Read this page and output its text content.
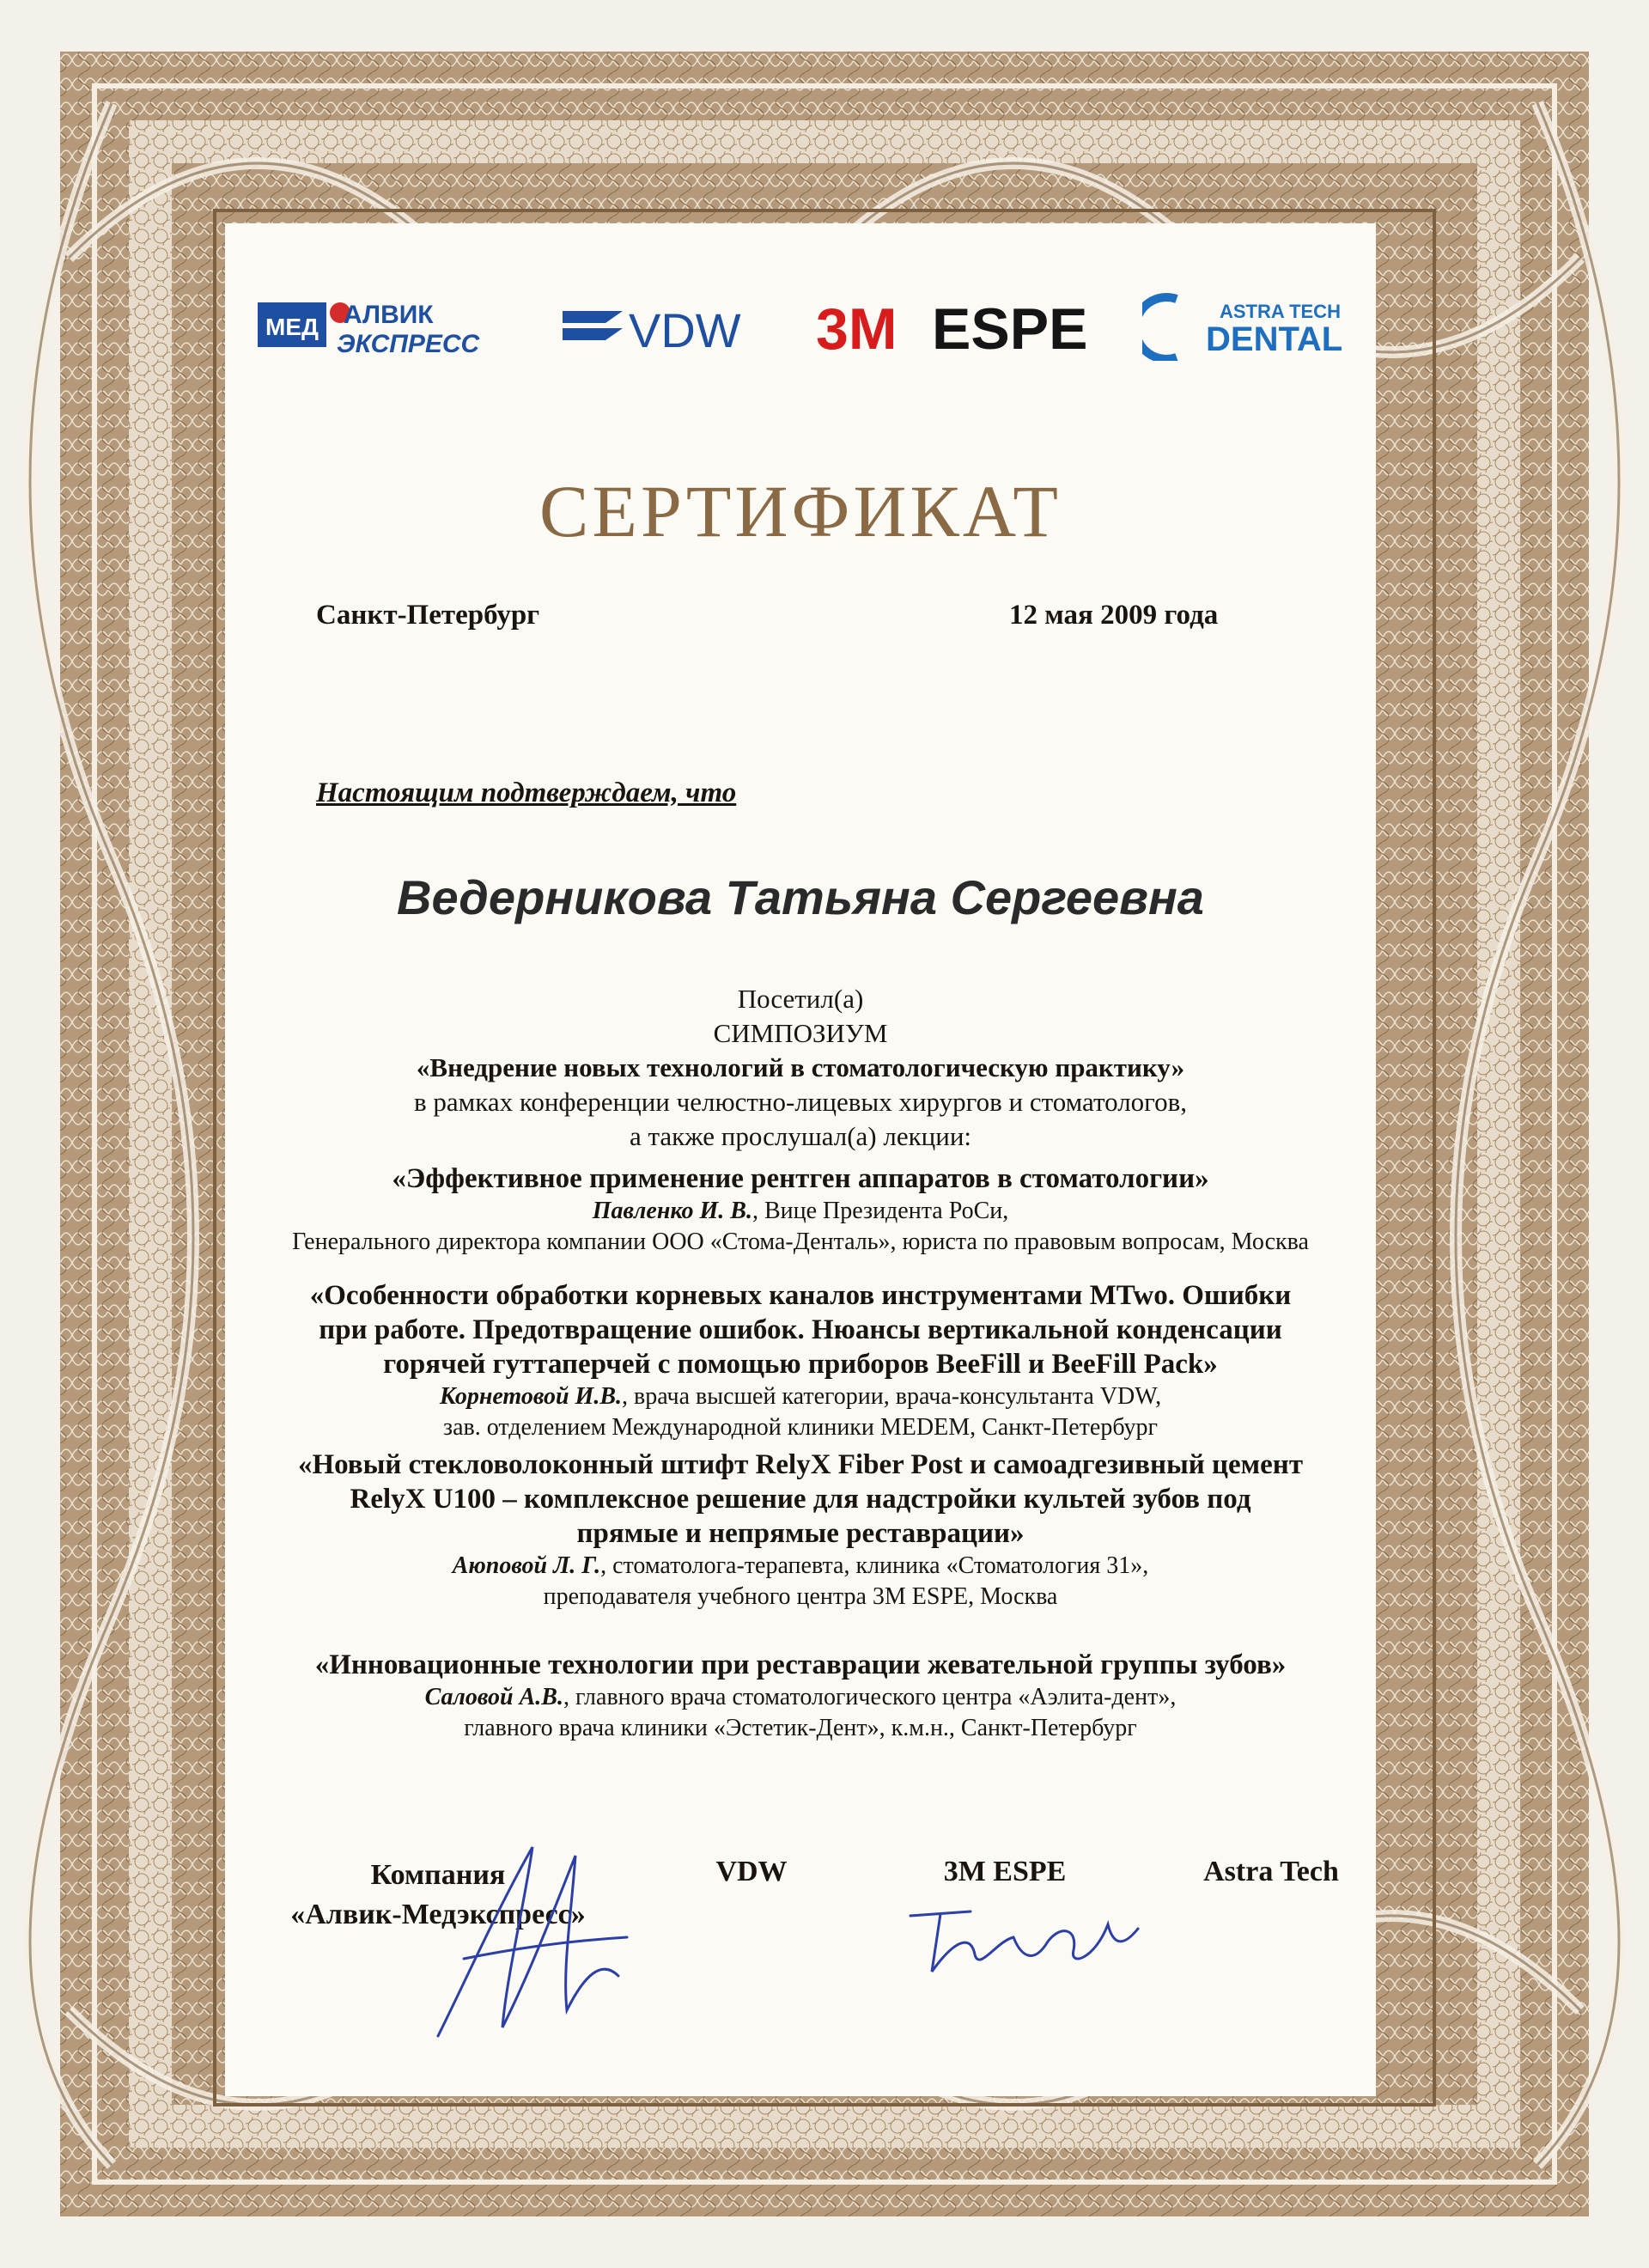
МЕД АЛВИК
ЭКСПРЕСС	VDW 3M ESPE	ASTRA TECH
DENTAL
СЕРТИФИКАТ
Санкт-Петербург	12 мая 2009 года
Настоящим подтверждаем, что
Ведерникова Татьяна Сергеевна
Посетил(а)
СИМПОЗИУМ
«Внедрение новых технологий в стоматологическую практику»
в рамках конференции челюстно-лицевых хирургов и стоматологов,
а также прослушал(а) лекции:
«Эффективное применение рентген аппаратов в стоматологии»
Павленко И. В., Вице Президента РоСи,
Генерального директора компании ООО «Стома-Денталь», юриста по правовым вопросам, Москва
«Особенности обработки корневых каналов инструментами MTwo. Ошибки
при работе. Предотвращение ошибок. Нюансы вертикальной конденсации
горячей гуттаперчей с помощью приборов BeeFill и BeeFill Pack»
Корнетовой И.В., врача высшей категории, врача-консультанта VDW,
зав. отделением Международной клиники MEDEM, Санкт-Петербург
«Новый стекловолоконный штифт RelyX Fiber Post и самоадгезивный цемент
RelyX U100 – комплексное решение для надстройки культей зубов под
прямые и непрямые реставрации»
Аюповой Л. Г., стоматолога-терапевта, клиника «Стоматология 31»,
преподавателя учебного центра 3M ESPE, Москва
«Инновационные технологии при реставрации жевательной группы зубов»
Саловой А.В., главного врача стоматологического центра «Аэлита-дент»,
главного врача клиники «Эстетик-Дент», к.м.н., Санкт-Петербург
Компания
«Алвик-Медэкспресс»
VDW	3M ESPE	Astra Tech
